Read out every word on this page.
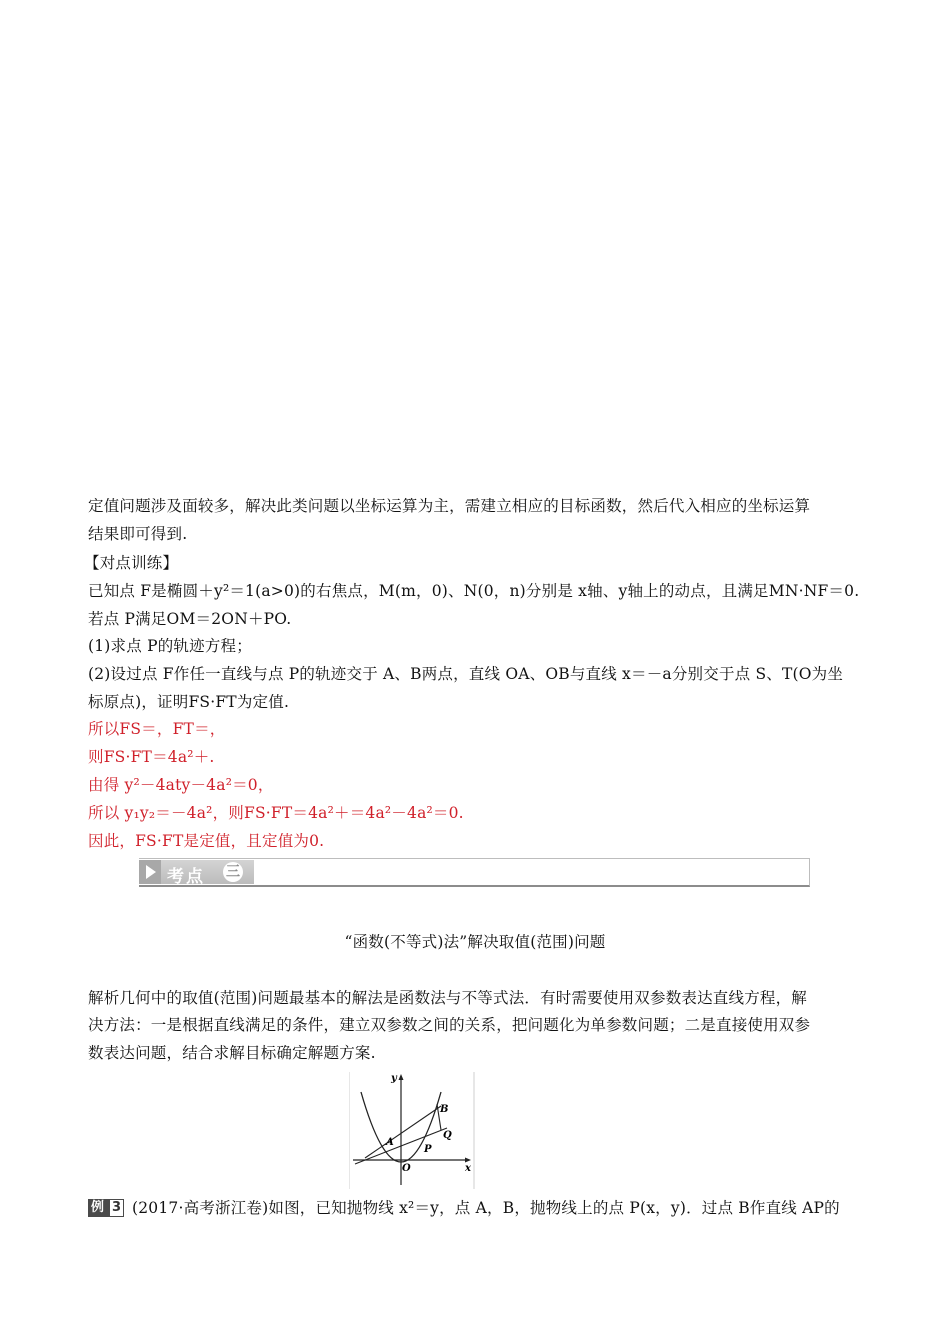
定值问题涉及面较多，解决此类问题以坐标运算为主，需建立相应的目标函数，然后代入相应的坐标运算
结果即可得到.
【对点训练】
已知点 F是椭圆＋y²＝1(a>0)的右焦点，M(m，0)、N(0，n)分别是 x轴、y轴上的动点，且满足MN·NF＝0.
若点 P满足OM＝2ON＋PO.
(1)求点 P的轨迹方程；
(2)设过点 F作任一直线与点 P的轨迹交于 A、B两点，直线 OA、OB与直线 x＝－a分别交于点 S、T(O为坐
标原点)，证明FS·FT为定值.
所以FS＝，FT＝，
则FS·FT＝4a²＋.
由得 y²－4aty－4a²＝0，
所以 y₁y₂＝－4a²，则FS·FT＝4a²＋＝4a²－4a²＝0.
因此，FS·FT是定值，且定值为0.
考点 三
“函数(不等式)法”解决取值(范围)问题
解析几何中的取值(范围)问题最基本的解法是函数法与不等式法．有时需要使用双参数表达直线方程，解
决方法：一是根据直线满足的条件，建立双参数之间的关系，把问题化为单参数问题；二是直接使用双参
数表达问题，结合求解目标确定解题方案.
y
x
O
A
B
P
Q
例 3 (2017·高考浙江卷)如图，已知抛物线 x²＝y，点 A，B，抛物线上的点 P(x，y)．过点 B作直线 AP的
